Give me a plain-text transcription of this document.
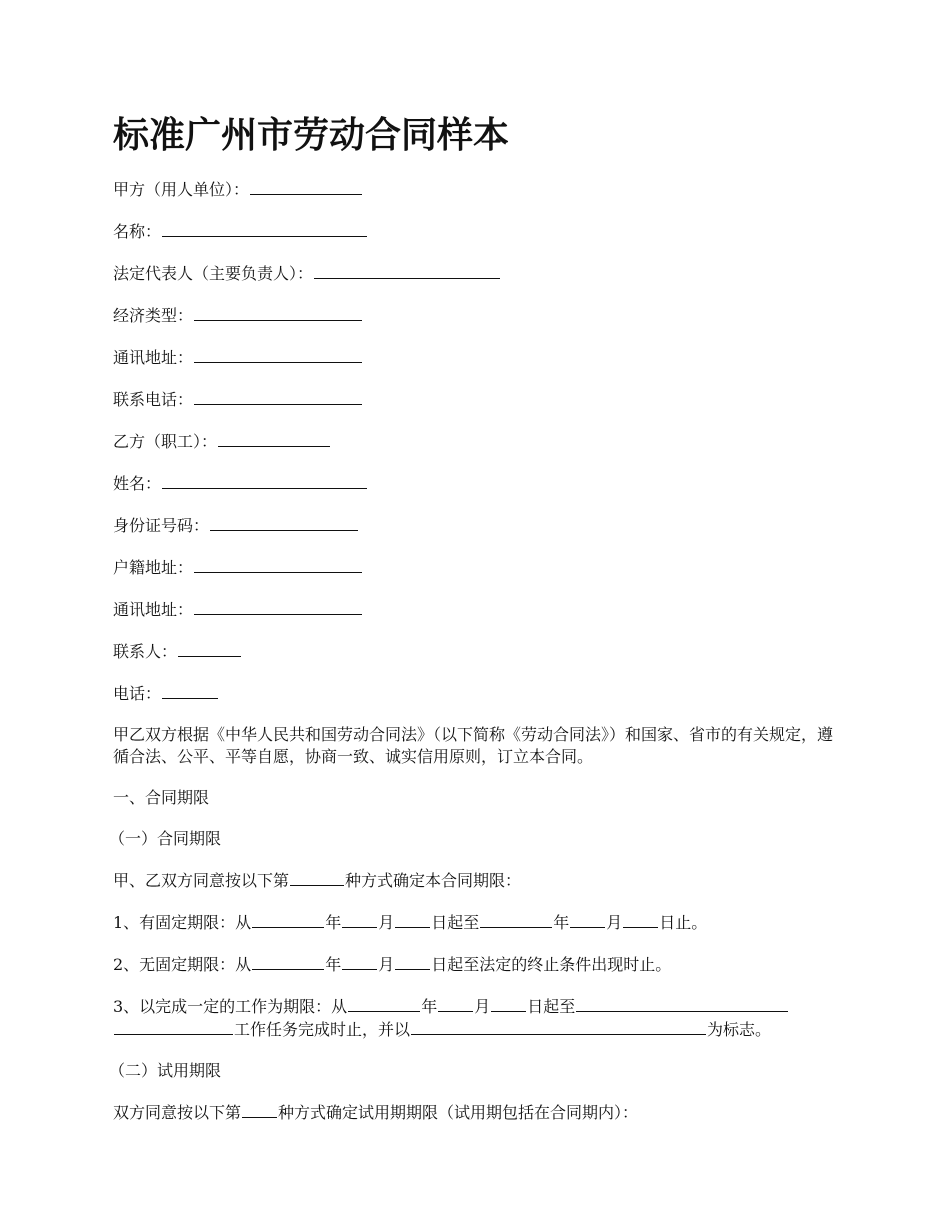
标准广州市劳动合同样本
甲方（用人单位）：
名称：
法定代表人（主要负责人）：
经济类型：
通讯地址：
联系电话：
乙方（职工）：
姓名：
身份证号码：
户籍地址：
通讯地址：
联系人：
电话：
甲乙双方根据《中华人民共和国劳动合同法》（以下简称《劳动合同法》）和国家、省市的有关规定，遵循合法、公平、平等自愿，协商一致、诚实信用原则，订立本合同。
一、合同期限
（一）合同期限
甲、乙双方同意按以下第	种方式确定本合同期限：
1、有固定期限：从	年 月 日起至	年 月 日止。
2、无固定期限：从	年 月 日起至法定的终止条件出现时止。
3、以完成一定的工作为期限：从	年 月 日起至
工作任务完成时止，并以	为标志。
（二）试用期限
双方同意按以下第 种方式确定试用期期限（试用期包括在合同期内）：
